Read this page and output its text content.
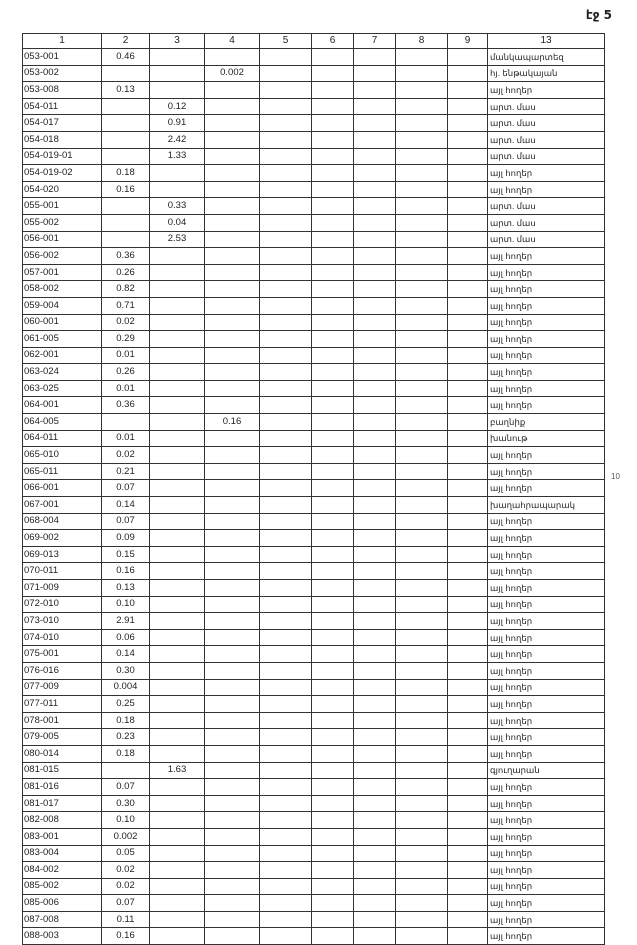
էջ 5
10
1	2	3	4	5	6	7	8	9	13
053-001	0.46								մանկապարտեզ
053-002			0.002						հյ. ենթակայան
053-008	0.13								այլ հողեր
054-011		0.12							արտ. մաս
054-017		0.91							արտ. մաս
054-018		2.42							արտ. մաս
054-019-01		1.33							արտ. մաս
054-019-02	0.18								այլ հողեր
054-020	0.16								այլ հողեր
055-001		0.33							արտ. մաս
055-002		0.04							արտ. մաս
056-001		2.53							արտ. մաս
056-002	0.36								այլ հողեր
057-001	0.26								այլ հողեր
058-002	0.82								այլ հողեր
059-004	0.71								այլ հողեր
060-001	0.02								այլ հողեր
061-005	0.29								այլ հողեր
062-001	0.01								այլ հողեր
063-024	0.26								այլ հողեր
063-025	0.01								այլ հողեր
064-001	0.36								այլ հողեր
064-005			0.16						բաղնիք
064-011	0.01								խանութ
065-010	0.02								այլ հողեր
065-011	0.21								այլ հողեր
066-001	0.07								այլ հողեր
067-001	0.14								խաղահրապարակ
068-004	0.07								այլ հողեր
069-002	0.09								այլ հողեր
069-013	0.15								այլ հողեր
070-011	0.16								այլ հողեր
071-009	0.13								այլ հողեր
072-010	0.10								այլ հողեր
073-010	2.91								այլ հողեր
074-010	0.06								այլ հողեր
075-001	0.14								այլ հողեր
076-016	0.30								այլ հողեր
077-009	0.004								այլ հողեր
077-011	0.25								այլ հողեր
078-001	0.18								այլ հողեր
079-005	0.23								այլ հողեր
080-014	0.18								այլ հողեր
081-015		1.63							գյուղարան
081-016	0.07								այլ հողեր
081-017	0.30								այլ հողեր
082-008	0.10								այլ հողեր
083-001	0.002								այլ հողեր
083-004	0.05								այլ հողեր
084-002	0.02								այլ հողեր
085-002	0.02								այլ հողեր
085-006	0.07								այլ հողեր
087-008	0.11								այլ հողեր
088-003	0.16								այլ հողեր
